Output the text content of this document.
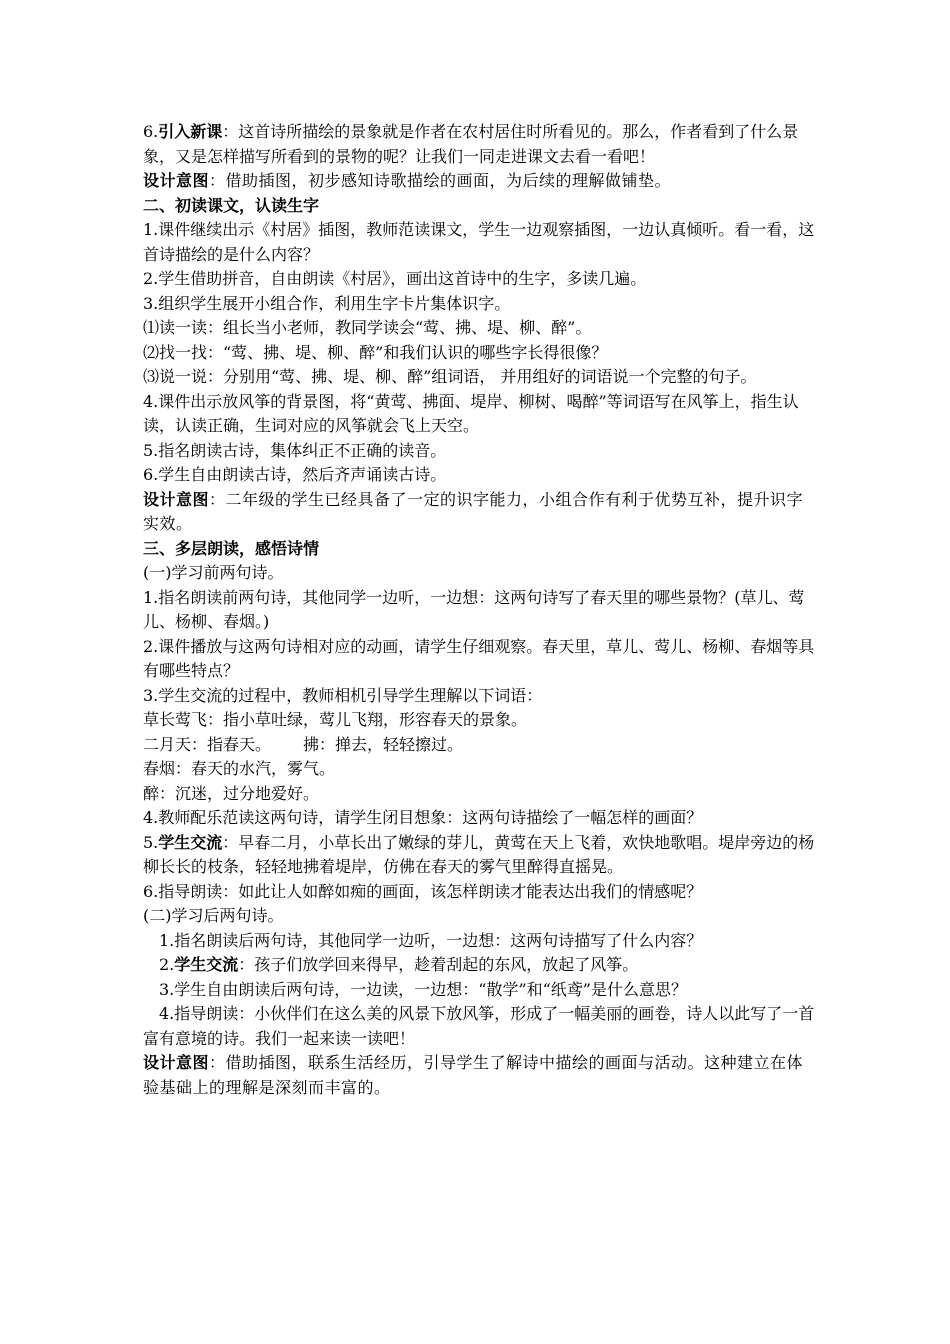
6.引入新课：这首诗所描绘的景象就是作者在农村居住时所看见的。那么，作者看到了什么景象，又是怎样描写所看到的景物的呢？让我们一同走进课文去看一看吧！

设计意图：借助插图，初步感知诗歌描绘的画面，为后续的理解做铺垫。

二、初读课文，认读生字

1.课件继续出示《村居》插图，教师范读课文，学生一边观察插图，一边认真倾听。看一看，这首诗描绘的是什么内容？

2.学生借助拼音，自由朗读《村居》，画出这首诗中的生字，多读几遍。

3.组织学生展开小组合作，利用生字卡片集体识字。

⑴读一读：组长当小老师，教同学读会“莺、拂、堤、柳、醉”。

⑵找一找：“莺、拂、堤、柳、醉”和我们认识的哪些字长得很像？

⑶说一说：分别用“莺、拂、堤、柳、醉”组词语， 并用组好的词语说一个完整的句子。

4.课件出示放风筝的背景图，将“黄莺、拂面、堤岸、柳树、喝醉”等词语写在风筝上，指生认读，认读正确，生词对应的风筝就会飞上天空。

5.指名朗读古诗，集体纠正不正确的读音。

6.学生自由朗读古诗，然后齐声诵读古诗。

设计意图：二年级的学生已经具备了一定的识字能力，小组合作有利于优势互补，提升识字实效。

三、多层朗读，感悟诗情

(一)学习前两句诗。

1.指名朗读前两句诗，其他同学一边听，一边想：这两句诗写了春天里的哪些景物？(草儿、莺儿、杨柳、春烟。)

2.课件播放与这两句诗相对应的动画，请学生仔细观察。春天里，草儿、莺儿、杨柳、春烟等具有哪些特点？

3.学生交流的过程中，教师相机引导学生理解以下词语：

草长莺飞：指小草吐绿，莺儿飞翔，形容春天的景象。

二月天：指春天。 拂：掸去，轻轻擦过。

春烟：春天的水汽，雾气。

醉：沉迷，过分地爱好。

4.教师配乐范读这两句诗，请学生闭目想象：这两句诗描绘了一幅怎样的画面？

5.学生交流：早春二月，小草长出了嫩绿的芽儿，黄莺在天上飞着，欢快地歌唱。堤岸旁边的杨柳长长的枝条，轻轻地拂着堤岸，仿佛在春天的雾气里醉得直摇晃。

6.指导朗读：如此让人如醉如痴的画面，该怎样朗读才能表达出我们的情感呢？

(二)学习后两句诗。

1.指名朗读后两句诗，其他同学一边听，一边想：这两句诗描写了什么内容？

2.学生交流：孩子们放学回来得早，趁着刮起的东风，放起了风筝。

3.学生自由朗读后两句诗，一边读，一边想：“散学”和“纸鸢”是什么意思？

4.指导朗读：小伙伴们在这么美的风景下放风筝，形成了一幅美丽的画卷，诗人以此写了一首富有意境的诗。我们一起来读一读吧！

设计意图：借助插图，联系生活经历，引导学生了解诗中描绘的画面与活动。这种建立在体验基础上的理解是深刻而丰富的。
